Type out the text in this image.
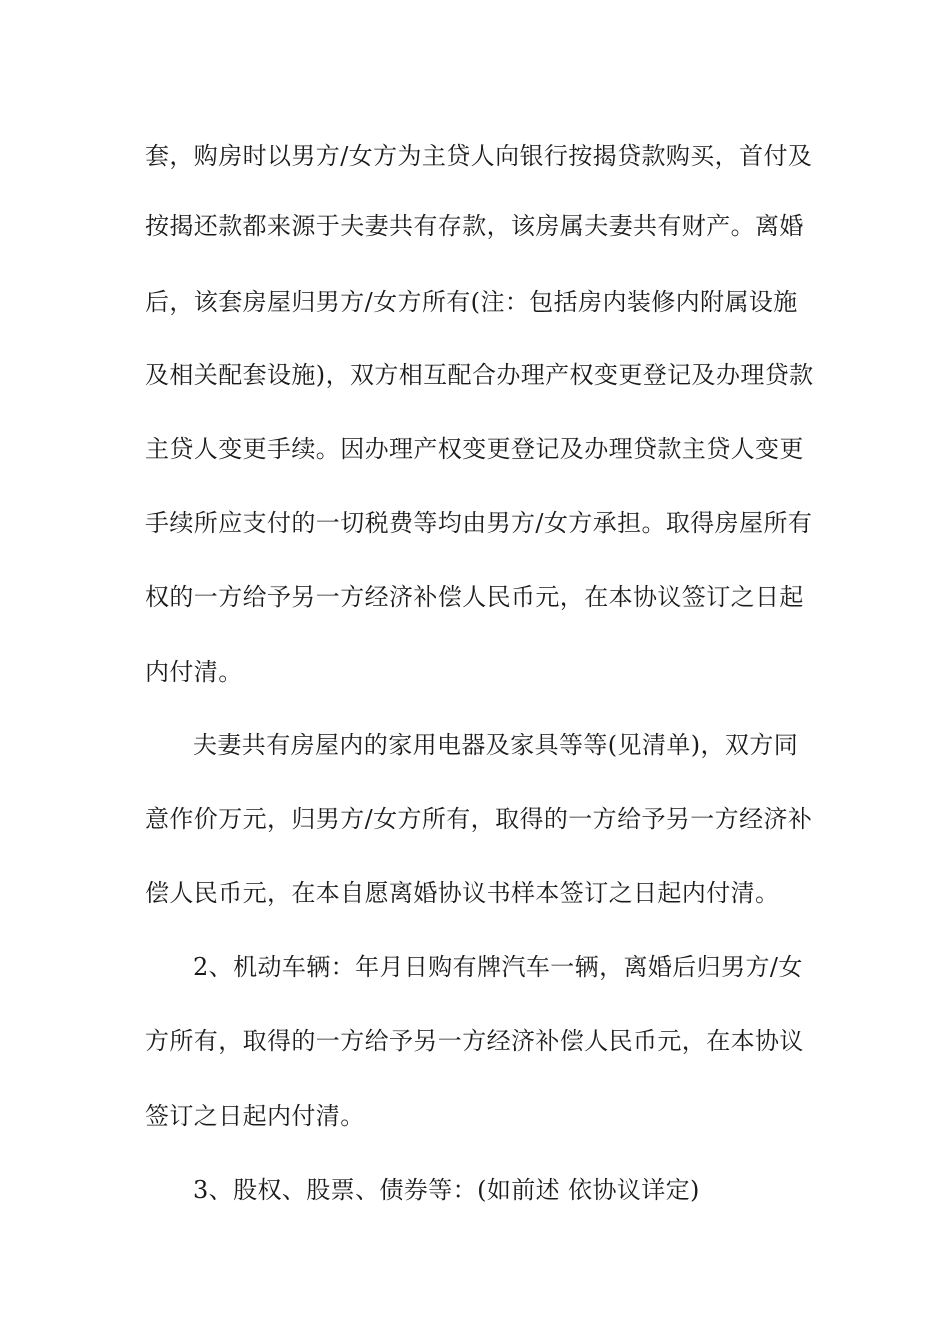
套，购房时以男方/女方为主贷人向银行按揭贷款购买，首付及
按揭还款都来源于夫妻共有存款，该房属夫妻共有财产。离婚
后，该套房屋归男方/女方所有(注：包括房内装修内附属设施
及相关配套设施)，双方相互配合办理产权变更登记及办理贷款
主贷人变更手续。因办理产权变更登记及办理贷款主贷人变更
手续所应支付的一切税费等均由男方/女方承担。取得房屋所有
权的一方给予另一方经济补偿人民币元，在本协议签订之日起
内付清。
夫妻共有房屋内的家用电器及家具等等(见清单)，双方同
意作价万元，归男方/女方所有，取得的一方给予另一方经济补
偿人民币元，在本自愿离婚协议书样本签订之日起内付清。
2、机动车辆：年月日购有牌汽车一辆，离婚后归男方/女
方所有，取得的一方给予另一方经济补偿人民币元，在本协议
签订之日起内付清。
3、股权、股票、债券等：(如前述 依协议详定)
